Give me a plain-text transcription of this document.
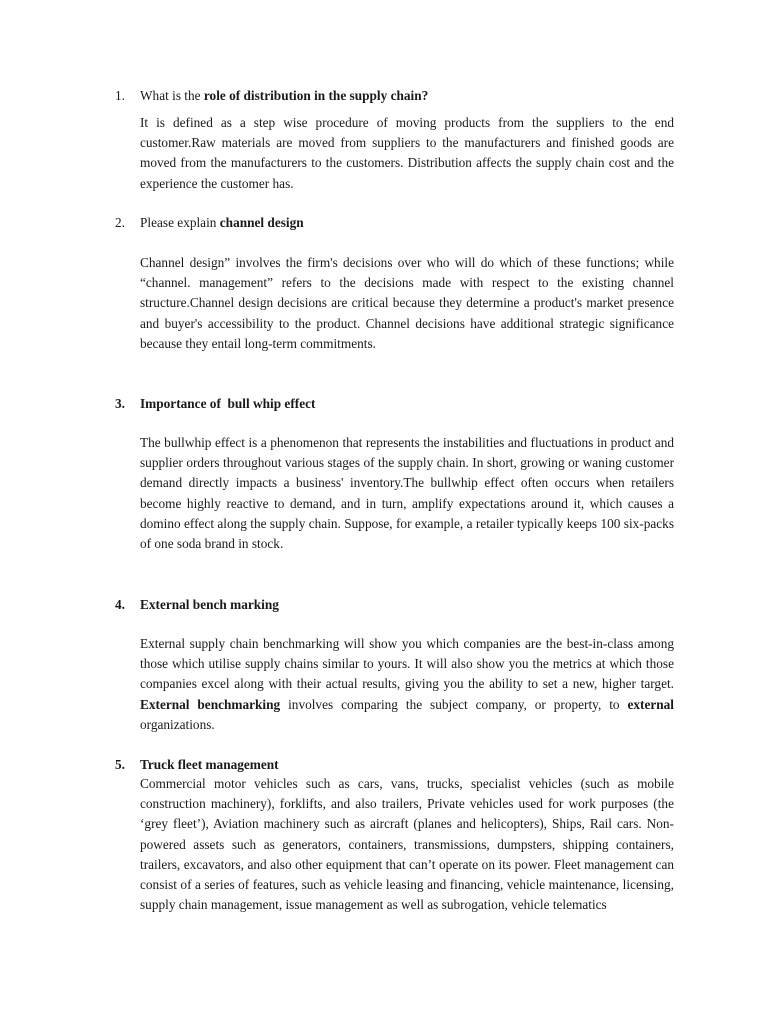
1. What is the role of distribution in the supply chain?

It is defined as a step wise procedure of moving products from the suppliers to the end customer.Raw materials are moved from suppliers to the manufacturers and finished goods are moved from the manufacturers to the customers. Distribution affects the supply chain cost and the experience the customer has.

2. Please explain channel design

Channel design” involves the firm's decisions over who will do which of these functions; while “channel. management” refers to the decisions made with respect to the existing channel structure.Channel design decisions are critical because they determine a product's market presence and buyer's accessibility to the product. Channel decisions have additional strategic significance because they entail long-term commitments.

3. Importance of  bull whip effect

The bullwhip effect is a phenomenon that represents the instabilities and fluctuations in product and supplier orders throughout various stages of the supply chain. In short, growing or waning customer demand directly impacts a business' inventory.The bullwhip effect often occurs when retailers become highly reactive to demand, and in turn, amplify expectations around it, which causes a domino effect along the supply chain. Suppose, for example, a retailer typically keeps 100 six-packs of one soda brand in stock.

4. External bench marking

External supply chain benchmarking will show you which companies are the best-in-class among those which utilise supply chains similar to yours. It will also show you the metrics at which those companies excel along with their actual results, giving you the ability to set a new, higher target. External benchmarking involves comparing the subject company, or property, to external organizations.

5. Truck fleet management

Commercial motor vehicles such as cars, vans, trucks, specialist vehicles (such as mobile construction machinery), forklifts, and also trailers, Private vehicles used for work purposes (the ‘grey fleet’), Aviation machinery such as aircraft (planes and helicopters), Ships, Rail cars. Non-powered assets such as generators, containers, transmissions, dumpsters, shipping containers, trailers, excavators, and also other equipment that can’t operate on its power. Fleet management can consist of a series of features, such as vehicle leasing and financing, vehicle maintenance, licensing, supply chain management, issue management as well as subrogation, vehicle telematics
